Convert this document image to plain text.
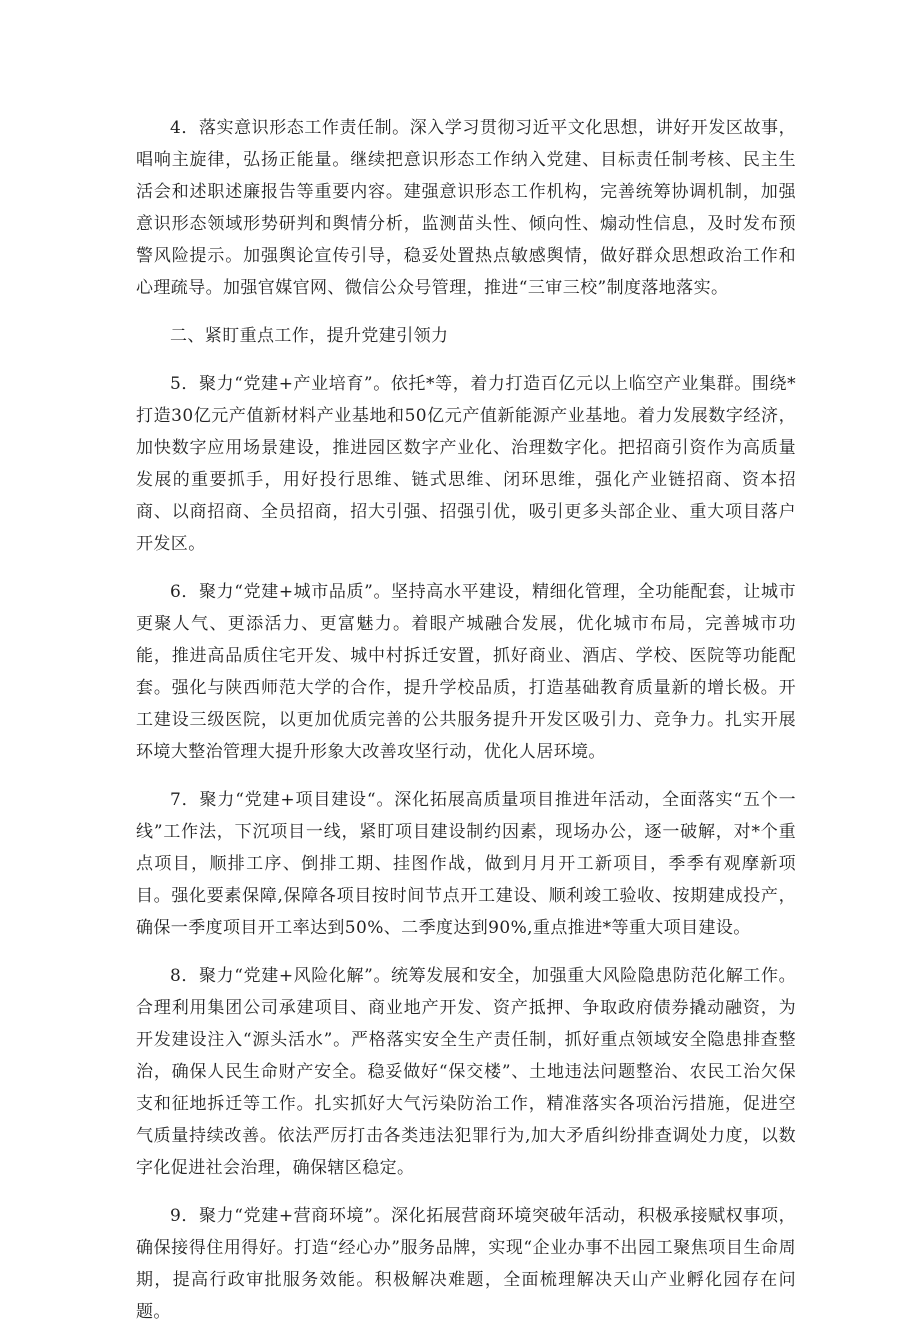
4．落实意识形态工作责任制。深入学习贯彻习近平文化思想，讲好开发区故事，唱响主旋律，弘扬正能量。继续把意识形态工作纳入党建、目标责任制考核、民主生活会和述职述廉报告等重要内容。建强意识形态工作机构，完善统筹协调机制，加强意识形态领域形势研判和舆情分析，监测苗头性、倾向性、煽动性信息，及时发布预警风险提示。加强舆论宣传引导，稳妥处置热点敏感舆情，做好群众思想政治工作和心理疏导。加强官媒官网、微信公众号管理，推进“三审三校”制度落地落实。

二、紧盯重点工作，提升党建引领力

5．聚力“党建+产业培育”。依托*等，着力打造百亿元以上临空产业集群。围绕*打造30亿元产值新材料产业基地和50亿元产值新能源产业基地。着力发展数字经济，加快数字应用场景建设，推进园区数字产业化、治理数字化。把招商引资作为高质量发展的重要抓手，用好投行思维、链式思维、闭环思维，强化产业链招商、资本招商、以商招商、全员招商，招大引强、招强引优，吸引更多头部企业、重大项目落户开发区。

6．聚力“党建+城市品质”。坚持高水平建设，精细化管理，全功能配套，让城市更聚人气、更添活力、更富魅力。着眼产城融合发展，优化城市布局，完善城市功能，推进高品质住宅开发、城中村拆迁安置，抓好商业、酒店、学校、医院等功能配套。强化与陕西师范大学的合作，提升学校品质，打造基础教育质量新的增长极。开工建设三级医院，以更加优质完善的公共服务提升开发区吸引力、竞争力。扎实开展环境大整治管理大提升形象大改善攻坚行动，优化人居环境。

7．聚力“党建+项目建设“。深化拓展高质量项目推进年活动，全面落实“五个一线”工作法，下沉项目一线，紧盯项目建设制约因素，现场办公，逐一破解，对*个重点项目，顺排工序、倒排工期、挂图作战，做到月月开工新项目，季季有观摩新项目。强化要素保障,保障各项目按时间节点开工建设、顺利竣工验收、按期建成投产，确保一季度项目开工率达到50%、二季度达到90%,重点推进*等重大项目建设。

8．聚力“党建+风险化解”。统筹发展和安全，加强重大风险隐患防范化解工作。合理利用集团公司承建项目、商业地产开发、资产抵押、争取政府债券撬动融资，为开发建设注入“源头活水”。严格落实安全生产责任制，抓好重点领域安全隐患排查整治，确保人民生命财产安全。稳妥做好“保交楼”、土地违法问题整治、农民工治欠保支和征地拆迁等工作。扎实抓好大气污染防治工作，精准落实各项治污措施，促进空气质量持续改善。依法严厉打击各类违法犯罪行为,加大矛盾纠纷排查调处力度，以数字化促进社会治理，确保辖区稳定。

9．聚力“党建+营商环境”。深化拓展营商环境突破年活动，积极承接赋权事项，确保接得住用得好。打造“经心办”服务品牌，实现“企业办事不出园工聚焦项目生命周期，提高行政审批服务效能。积极解决难题，全面梳理解决天山产业孵化园存在问题。
